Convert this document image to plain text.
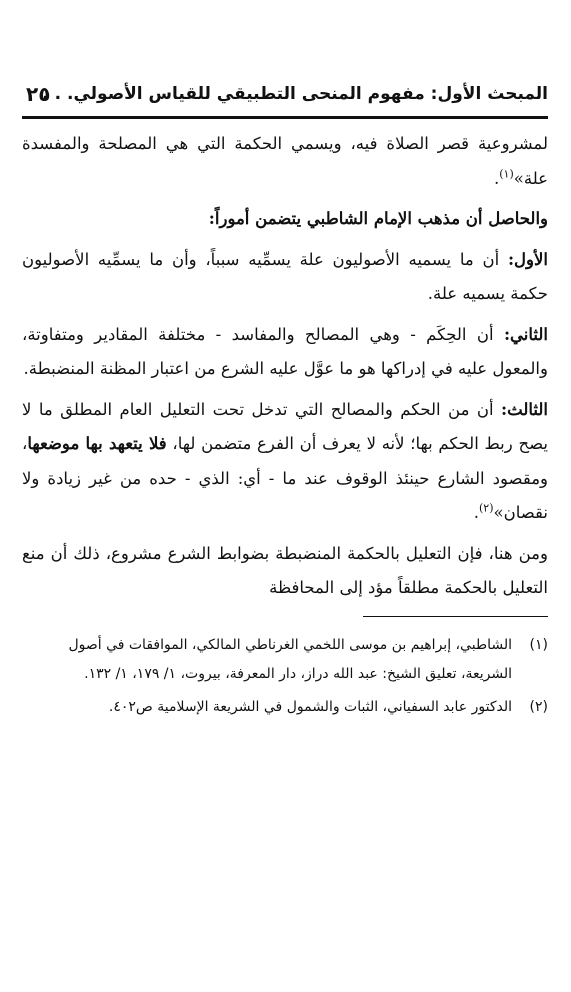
المبحث الأول: مفهوم المنحى التطبيقي للقياس الأصولي. . .
٢٥

لمشروعية قصر الصلاة فيه، ويسمي الحكمة التي هي المصلحة والمفسدة علة»$^{(١)}$.

والحاصل أن مذهب الإمام الشاطبي يتضمن أموراً:

الأول: أن ما يسميه الأصوليون علة يسمِّيه سبباً، وأن ما يسمِّيه الأصوليون حكمة يسميه علة.

الثاني: أن الحِكَم - وهي المصالح والمفاسد - مختلفة المقادير ومتفاوتة، والمعول عليه في إدراكها هو ما عوَّل عليه الشرع من اعتبار المظنة المنضبطة.

الثالث: أن من الحكم والمصالح التي تدخل تحت التعليل العام المطلق ما لا يصح ربط الحكم بها؛ لأنه لا يعرف أن الفرع متضمن لها، فلا يتعهد بها موضعها، ومقصود الشارع حينئذ الوقوف عند ما - أي: الذي - حده من غير زيادة ولا نقصان»$^{(٢)}$.

ومن هنا، فإن التعليل بالحكمة المنضبطة بضوابط الشرع مشروع، ذلك أن منع التعليل بالحكمة مطلقاً مؤد إلى المحافظة

(١)
الشاطبي، إبراهيم بن موسى اللخمي الغرناطي المالكي، الموافقات في أصول الشريعة، تعليق الشيخ: عبد الله دراز، دار المعرفة، بيروت، ١/ ١٧٩، ١/ ١٣٢.
(٢)
الدكتور عابد السفياني، الثبات والشمول في الشريعة الإسلامية ص٤٠٢.
